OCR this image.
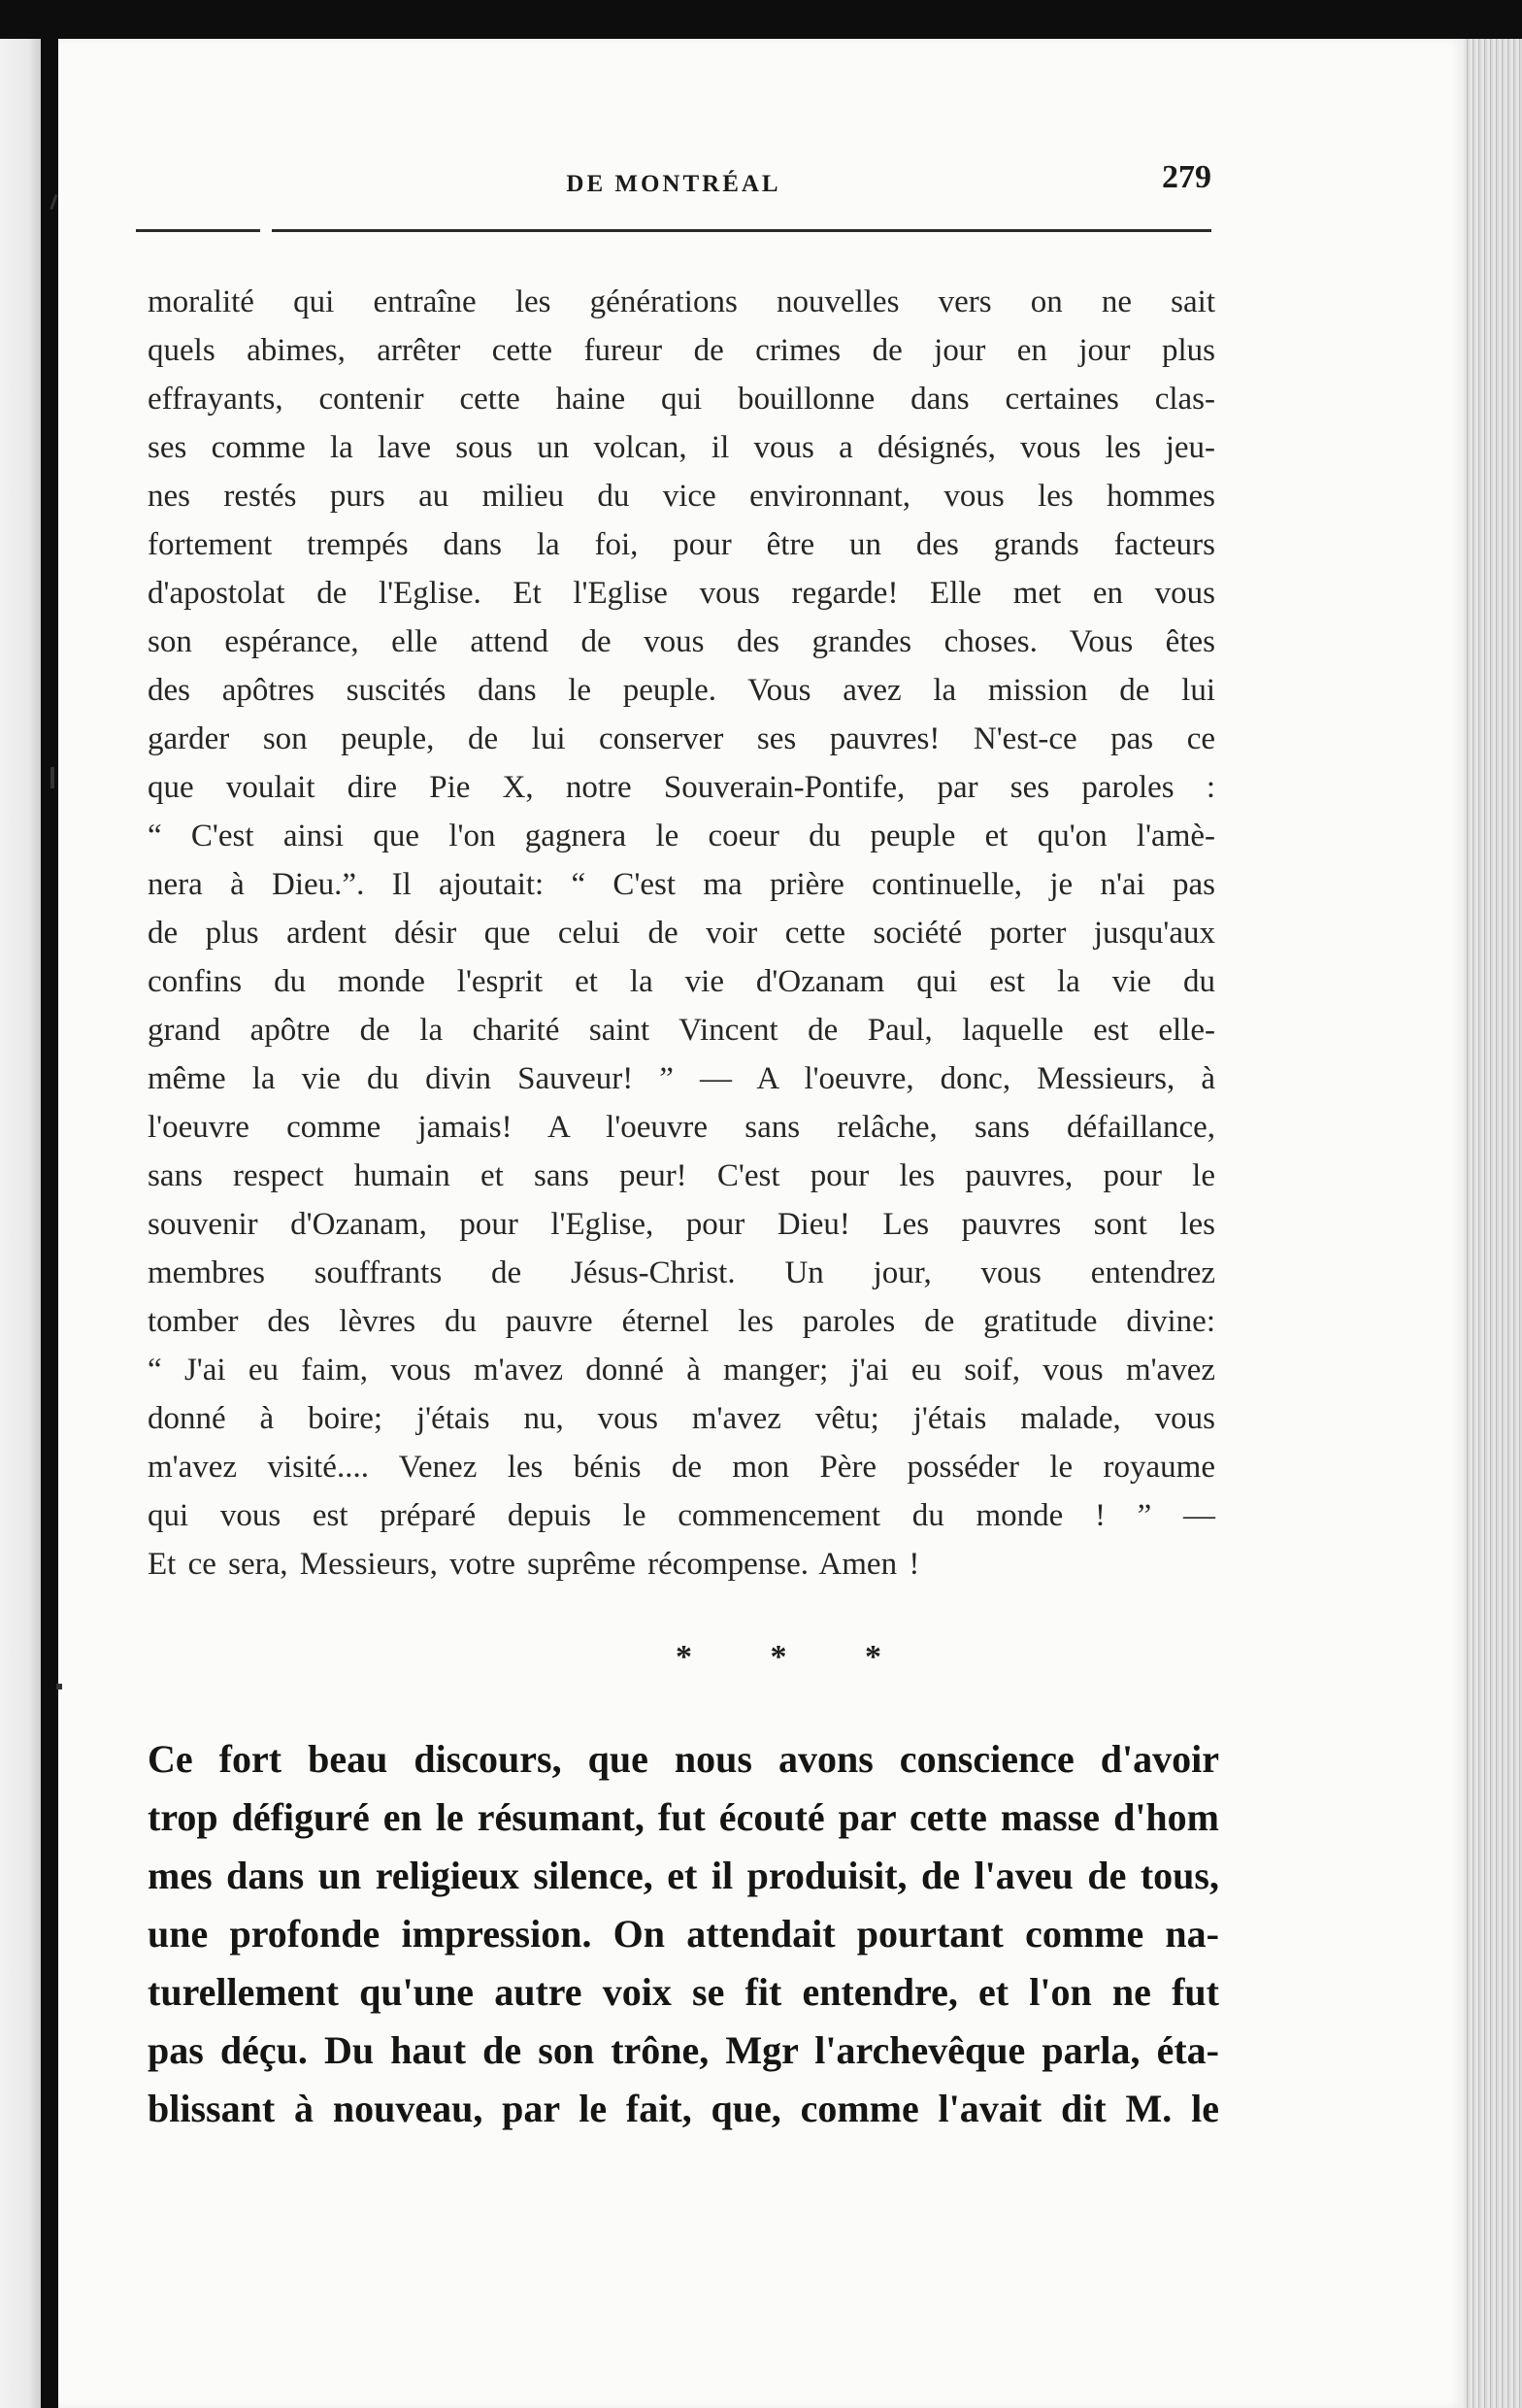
DE MONTRÉAL	279
moralité qui entraîne les générations nouvelles vers on ne sait
quels abimes, arrêter cette fureur de crimes de jour en jour plus
effrayants, contenir cette haine qui bouillonne dans certaines clas-
ses comme la lave sous un volcan, il vous a désignés, vous les jeu-
nes restés purs au milieu du vice environnant, vous les hommes
fortement trempés dans la foi, pour être un des grands facteurs
d'apostolat de l'Eglise. Et l'Eglise vous regarde! Elle met en vous
son espérance, elle attend de vous des grandes choses. Vous êtes
des apôtres suscités dans le peuple. Vous avez la mission de lui
garder son peuple, de lui conserver ses pauvres! N'est-ce pas ce
que voulait dire Pie X, notre Souverain-Pontife, par ses paroles :
“ C'est ainsi que l'on gagnera le coeur du peuple et qu'on l'amè-
nera à Dieu.”. Il ajoutait: “ C'est ma prière continuelle, je n'ai pas
de plus ardent désir que celui de voir cette société porter jusqu'aux
confins du monde l'esprit et la vie d'Ozanam qui est la vie du
grand apôtre de la charité saint Vincent de Paul, laquelle est elle-
même la vie du divin Sauveur! ” — A l'oeuvre, donc, Messieurs, à
l'oeuvre comme jamais! A l'oeuvre sans relâche, sans défaillance,
sans respect humain et sans peur! C'est pour les pauvres, pour le
souvenir d'Ozanam, pour l'Eglise, pour Dieu! Les pauvres sont les
membres souffrants de Jésus-Christ. Un jour, vous entendrez
tomber des lèvres du pauvre éternel les paroles de gratitude divine:
“ J'ai eu faim, vous m'avez donné à manger; j'ai eu soif, vous m'avez
donné à boire; j'étais nu, vous m'avez vêtu; j'étais malade, vous
m'avez visité.... Venez les bénis de mon Père posséder le royaume
qui vous est préparé depuis le commencement du monde ! ” —
Et ce sera, Messieurs, votre suprême récompense. Amen !
* * *
Ce fort beau discours, que nous avons conscience d'avoir
trop défiguré en le résumant, fut écouté par cette masse d'hom
mes dans un religieux silence, et il produisit, de l'aveu de tous,
une profonde impression. On attendait pourtant comme na-
turellement qu'une autre voix se fit entendre, et l'on ne fut
pas déçu. Du haut de son trône, Mgr l'archevêque parla, éta-
blissant à nouveau, par le fait, que, comme l'avait dit M. le
